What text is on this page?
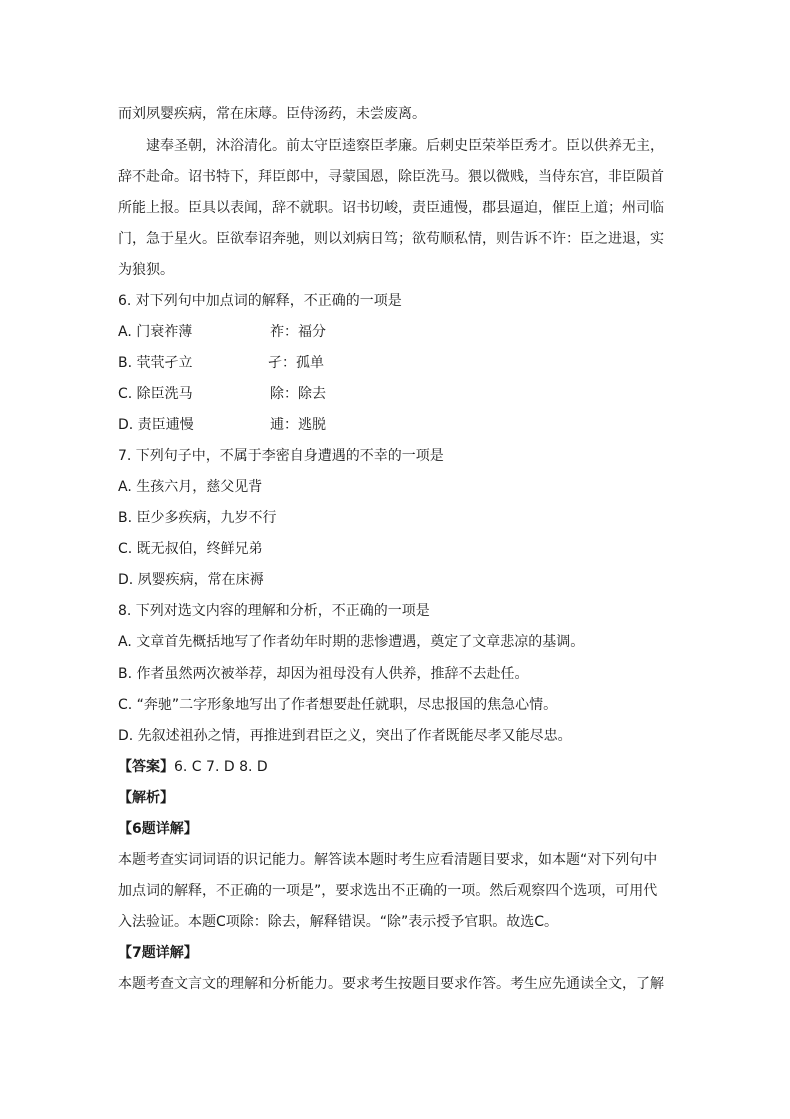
而刘夙婴疾病，常在床蓐。臣侍汤药，未尝废离。
逮奉圣朝，沐浴清化。前太守臣逵察臣孝廉。后刺史臣荣举臣秀才。臣以供养无主，
辞不赴命。诏书特下，拜臣郎中，寻蒙国恩，除臣洗马。猥以微贱，当侍东宫，非臣陨首
所能上报。臣具以表闻，辞不就职。诏书切峻，责臣逋慢，郡县逼迫，催臣上道；州司临
门，急于星火。臣欲奉诏奔驰，则以刘病日笃；欲苟顺私情，则告诉不许：臣之进退，实
为狼狈。
6. 对下列句中加点词的解释，不正确的一项是
A. 门衰祚薄	祚：福分
B. 茕茕孑立	孑：孤单
C. 除臣洗马	除：除去
D. 责臣逋慢	逋：逃脱
7. 下列句子中，不属于李密自身遭遇的不幸的一项是
A. 生孩六月，慈父见背
B. 臣少多疾病，九岁不行
C. 既无叔伯，终鲜兄弟
D. 夙婴疾病，常在床褥
8. 下列对选文内容的理解和分析，不正确的一项是
A. 文章首先概括地写了作者幼年时期的悲惨遭遇，奠定了文章悲凉的基调。
B. 作者虽然两次被举荐，却因为祖母没有人供养，推辞不去赴任。
C. “奔驰”二字形象地写出了作者想要赴任就职，尽忠报国的焦急心情。
D. 先叙述祖孙之情，再推进到君臣之义，突出了作者既能尽孝又能尽忠。
【答案】6. C 7. D 8. D
【解析】
【6题详解】
本题考查实词词语的识记能力。解答读本题时考生应看清题目要求，如本题“对下列句中
加点词的解释，不正确的一项是”，要求选出不正确的一项。然后观察四个选项，可用代
入法验证。本题C项除：除去，解释错误。“除”表示授予官职。故选C。
【7题详解】
本题考查文言文的理解和分析能力。要求考生按题目要求作答。考生应先通读全文，了解
